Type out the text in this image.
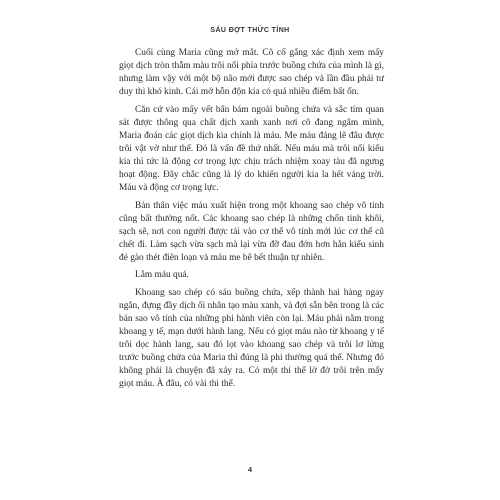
SÁU ĐỢT THỨC TỈNH

Cuối cùng Maria cũng mở mắt. Cô cố gắng xác định xem mấy giọt dịch tròn thẫm màu trôi nổi phía trước buồng chứa của mình là gì, nhưng làm vậy với một bộ não mới được sao chép và lần đầu phải tư duy thì khó kinh. Cái mớ hỗn độn kia có quá nhiều điểm bất ổn.

Căn cứ vào mấy vết bẩn bám ngoài buồng chứa và sắc tím quan sát được thông qua chất dịch xanh xanh nơi cô đang ngâm mình, Maria đoán các giọt dịch kia chính là máu. Me máu đáng lẽ đâu được trôi vật vờ như thế. Đó là vấn đề thứ nhất. Nếu máu mà trôi nổi kiểu kia thì tức là động cơ trọng lực chịu trách nhiệm xoay tàu đã ngưng hoạt động. Đây chắc cũng là lý do khiến người kia la hết váng trời. Máu và động cơ trọng lực.

Bản thân việc máu xuất hiện trong một khoang sao chép vô tính cũng bất thường nốt. Các khoang sao chép là những chốn tinh khôi, sạch sẽ, nơi con người được tái vào cơ thể vô tính mới lúc cơ thể cũ chết đi. Làm sạch vừa sạch mà lại vừa đỡ đau đớn hơn hẳn kiểu sinh đẻ gào thét điên loạn và máu me bê bết thuận tự nhiên.

Lắm máu quá.

Khoang sao chép có sáu buồng chứa, xếp thành hai hàng ngay ngắn, đựng đầy dịch ối nhân tạo màu xanh, và đợi sẵn bên trong là các bản sao vô tính của những phi hành viên còn lại. Máu phải nằm trong khoang y tế, mạn dưới hành lang. Nếu có giọt máu nào từ khoang y tế trôi dọc hành lang, sau đó lọt vào khoang sao chép và trôi lơ lửng trước buồng chứa của Maria thì đúng là phi thường quá thể. Nhưng đó không phải là chuyện đã xảy ra. Có một thi thể lờ đờ trôi trên mấy giọt máu. À đâu, có vài thi thể.

4
